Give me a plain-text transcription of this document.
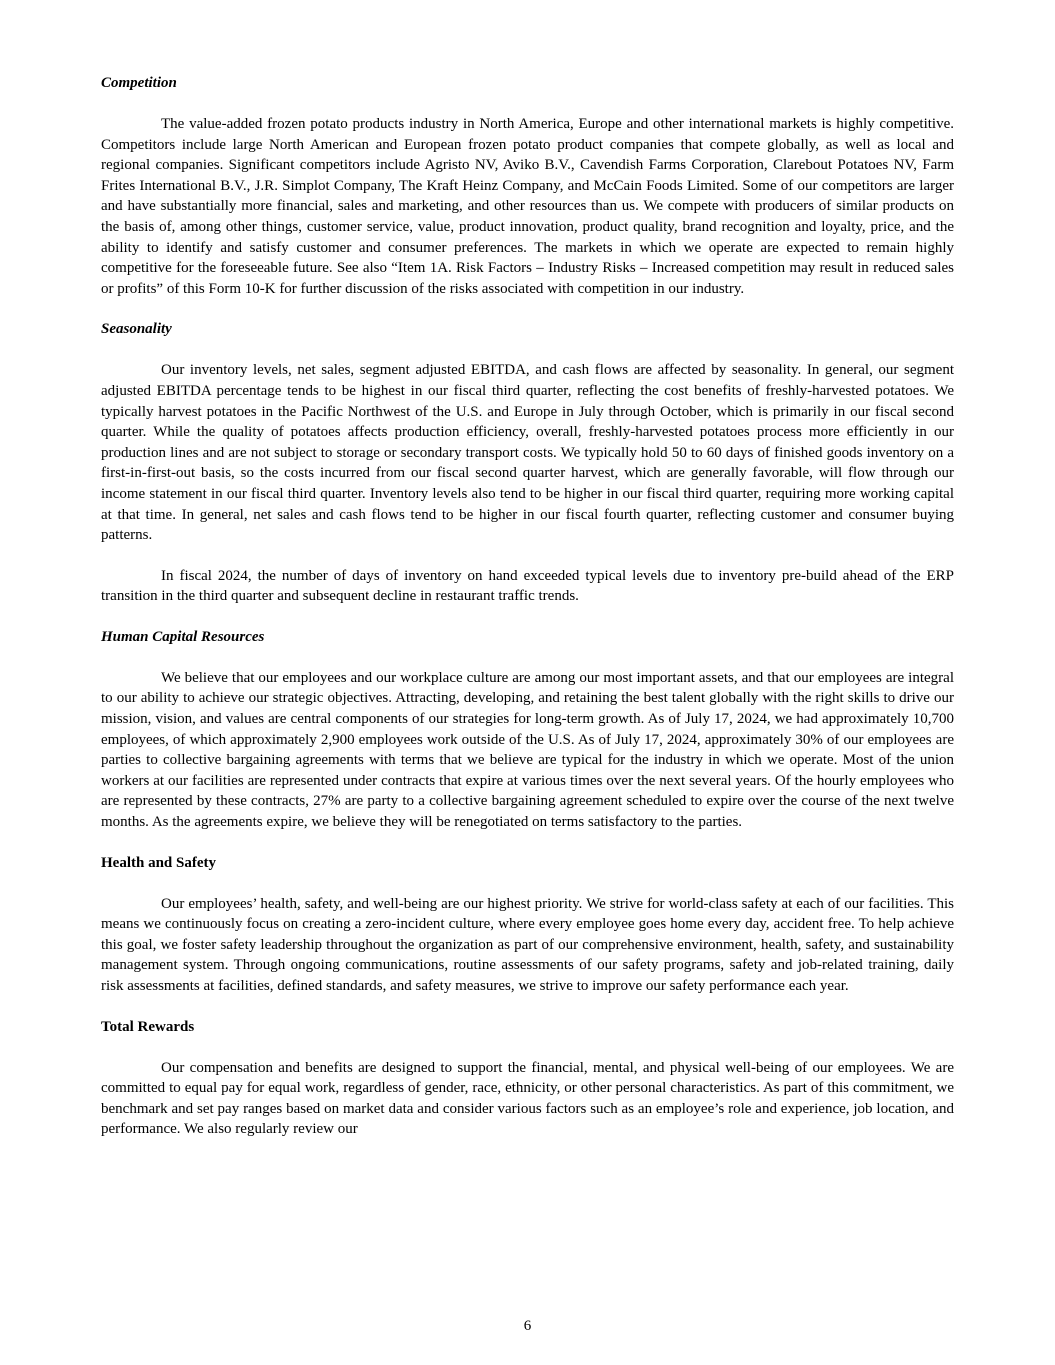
Competition

The value-added frozen potato products industry in North America, Europe and other international markets is highly competitive. Competitors include large North American and European frozen potato product companies that compete globally, as well as local and regional companies. Significant competitors include Agristo NV, Aviko B.V., Cavendish Farms Corporation, Clarebout Potatoes NV, Farm Frites International B.V., J.R. Simplot Company, The Kraft Heinz Company, and McCain Foods Limited. Some of our competitors are larger and have substantially more financial, sales and marketing, and other resources than us. We compete with producers of similar products on the basis of, among other things, customer service, value, product innovation, product quality, brand recognition and loyalty, price, and the ability to identify and satisfy customer and consumer preferences. The markets in which we operate are expected to remain highly competitive for the foreseeable future. See also “Item 1A. Risk Factors – Industry Risks – Increased competition may result in reduced sales or profits” of this Form 10-K for further discussion of the risks associated with competition in our industry.

Seasonality

Our inventory levels, net sales, segment adjusted EBITDA, and cash flows are affected by seasonality. In general, our segment adjusted EBITDA percentage tends to be highest in our fiscal third quarter, reflecting the cost benefits of freshly-harvested potatoes. We typically harvest potatoes in the Pacific Northwest of the U.S. and Europe in July through October, which is primarily in our fiscal second quarter. While the quality of potatoes affects production efficiency, overall, freshly-harvested potatoes process more efficiently in our production lines and are not subject to storage or secondary transport costs. We typically hold 50 to 60 days of finished goods inventory on a first-in-first-out basis, so the costs incurred from our fiscal second quarter harvest, which are generally favorable, will flow through our income statement in our fiscal third quarter. Inventory levels also tend to be higher in our fiscal third quarter, requiring more working capital at that time. In general, net sales and cash flows tend to be higher in our fiscal fourth quarter, reflecting customer and consumer buying patterns.

In fiscal 2024, the number of days of inventory on hand exceeded typical levels due to inventory pre-build ahead of the ERP transition in the third quarter and subsequent decline in restaurant traffic trends.

Human Capital Resources

We believe that our employees and our workplace culture are among our most important assets, and that our employees are integral to our ability to achieve our strategic objectives. Attracting, developing, and retaining the best talent globally with the right skills to drive our mission, vision, and values are central components of our strategies for long-term growth. As of July 17, 2024, we had approximately 10,700 employees, of which approximately 2,900 employees work outside of the U.S. As of July 17, 2024, approximately 30% of our employees are parties to collective bargaining agreements with terms that we believe are typical for the industry in which we operate. Most of the union workers at our facilities are represented under contracts that expire at various times over the next several years. Of the hourly employees who are represented by these contracts, 27% are party to a collective bargaining agreement scheduled to expire over the course of the next twelve months. As the agreements expire, we believe they will be renegotiated on terms satisfactory to the parties.

Health and Safety

Our employees’ health, safety, and well-being are our highest priority. We strive for world-class safety at each of our facilities. This means we continuously focus on creating a zero-incident culture, where every employee goes home every day, accident free. To help achieve this goal, we foster safety leadership throughout the organization as part of our comprehensive environment, health, safety, and sustainability management system. Through ongoing communications, routine assessments of our safety programs, safety and job-related training, daily risk assessments at facilities, defined standards, and safety measures, we strive to improve our safety performance each year.

Total Rewards

Our compensation and benefits are designed to support the financial, mental, and physical well-being of our employees. We are committed to equal pay for equal work, regardless of gender, race, ethnicity, or other personal characteristics. As part of this commitment, we benchmark and set pay ranges based on market data and consider various factors such as an employee’s role and experience, job location, and performance. We also regularly review our

6
